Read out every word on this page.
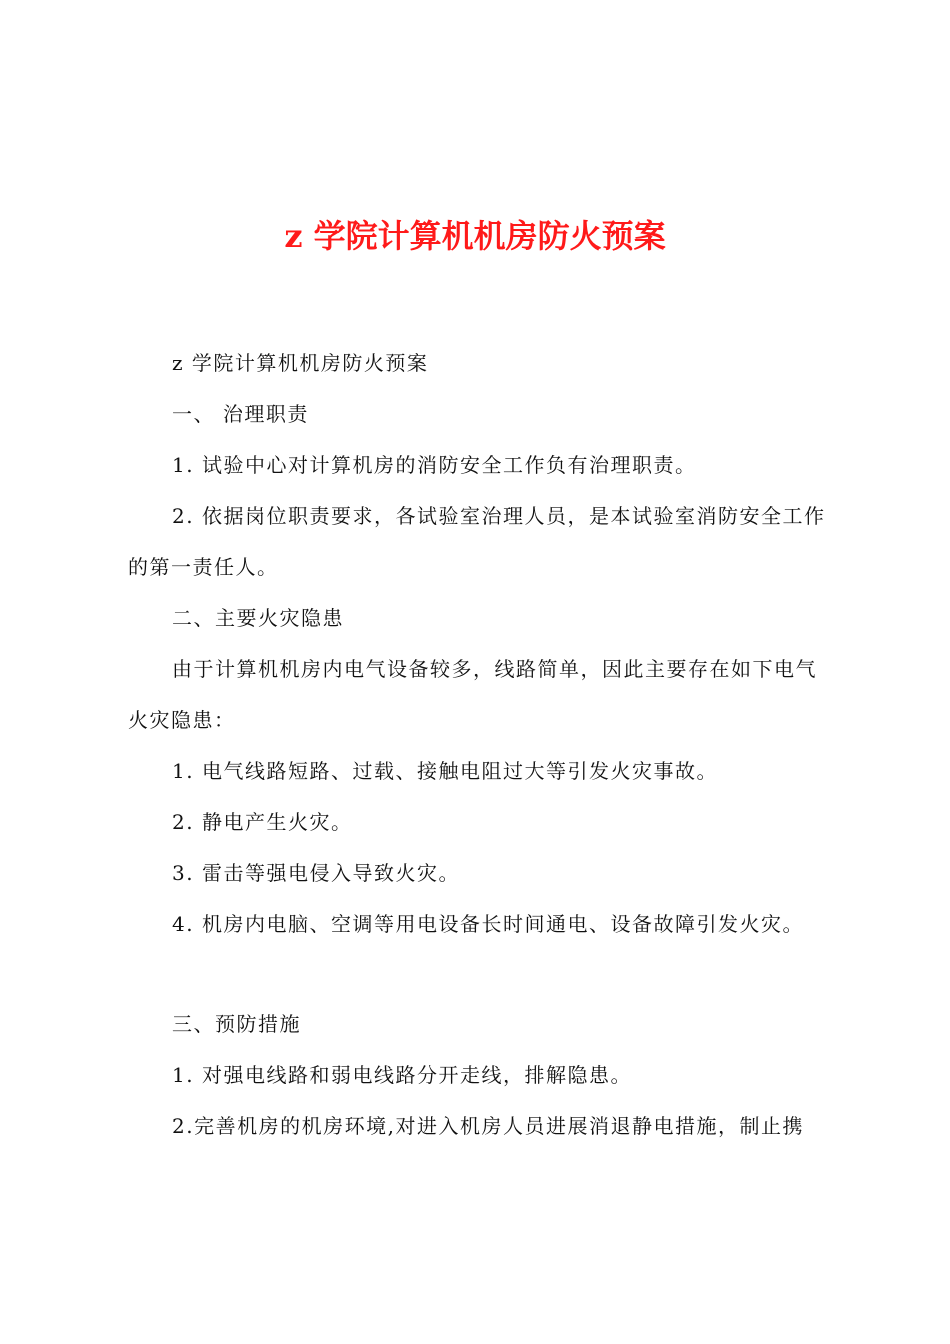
z 学院计算机机房防火预案

z 学院计算机机房防火预案

一、 治理职责

1. 试验中心对计算机房的消防安全工作负有治理职责。

2. 依据岗位职责要求，各试验室治理人员，是本试验室消防安全工作的第一责任人。

二、主要火灾隐患

由于计算机机房内电气设备较多，线路简单，因此主要存在如下电气火灾隐患：

1. 电气线路短路、过载、接触电阻过大等引发火灾事故。

2. 静电产生火灾。

3. 雷击等强电侵入导致火灾。

4. 机房内电脑、空调等用电设备长时间通电、设备故障引发火灾。

三、预防措施

1. 对强电线路和弱电线路分开走线，排解隐患。

2.完善机房的机房环境,对进入机房人员进展消退静电措施，制止携
